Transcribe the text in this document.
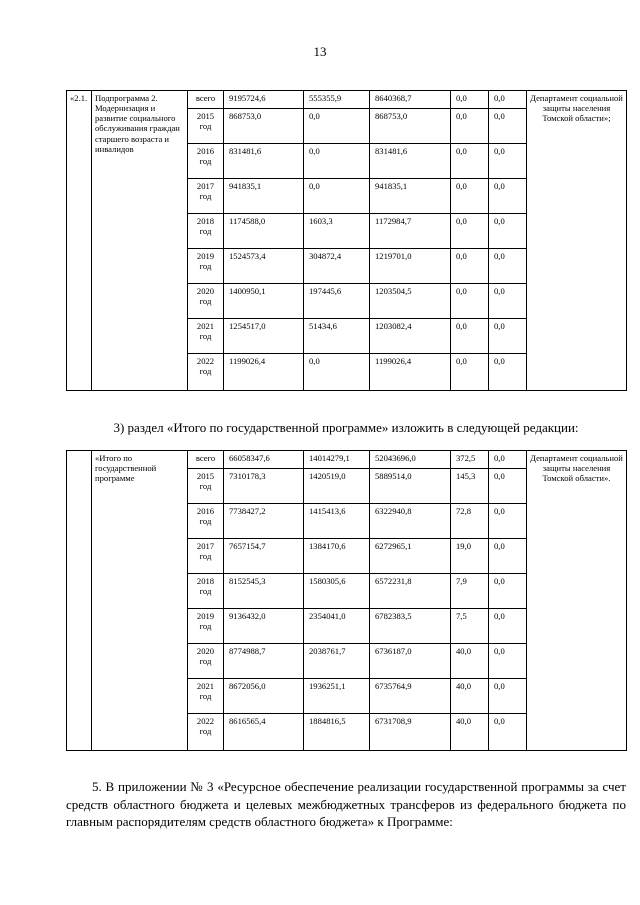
13
«2.1.	Подпрограмма 2. Модернизация и развитие социального обслуживания граждан старшего возраста и инвалидов	всего	9195724,6	555355,9	8640368,7	0,0	0,0	Департамент социальной защиты населения Томской области»;
		2015 год	868753,0	0,0	868753,0	0,0	0,0	
		2016 год	831481,6	0,0	831481,6	0,0	0,0	
		2017 год	941835,1	0,0	941835,1	0,0	0,0	
		2018 год	1174588,0	1603,3	1172984,7	0,0	0,0	
		2019 год	1524573,4	304872,4	1219701,0	0,0	0,0	
		2020 год	1400950,1	197445,6	1203504,5	0,0	0,0	
		2021 год	1254517,0	51434,6	1203082,4	0,0	0,0	
		2022 год	1199026,4	0,0	1199026,4	0,0	0,0	
3) раздел «Итого по государственной программе» изложить в следующей редакции:
	«Итого по государственной программе	всего	66058347,6	14014279,1	52043696,0	372,5	0,0	Департамент социальной защиты населения Томской области».
		2015 год	7310178,3	1420519,0	5889514,0	145,3	0,0	
		2016 год	7738427,2	1415413,6	6322940,8	72,8	0,0	
		2017 год	7657154,7	1384170,6	6272965,1	19,0	0,0	
		2018 год	8152545,3	1580305,6	6572231,8	7,9	0,0	
		2019 год	9136432,0	2354041,0	6782383,5	7,5	0,0	
		2020 год	8774988,7	2038761,7	6736187,0	40,0	0,0	
		2021 год	8672056,0	1936251,1	6735764,9	40,0	0,0	
		2022 год	8616565,4	1884816,5	6731708,9	40,0	0,0	
5. В приложении № 3 «Ресурсное обеспечение реализации государственной программы за счет средств областного бюджета и целевых межбюджетных трансферов из федерального бюджета по главным распорядителям средств областного бюджета» к Программе:
